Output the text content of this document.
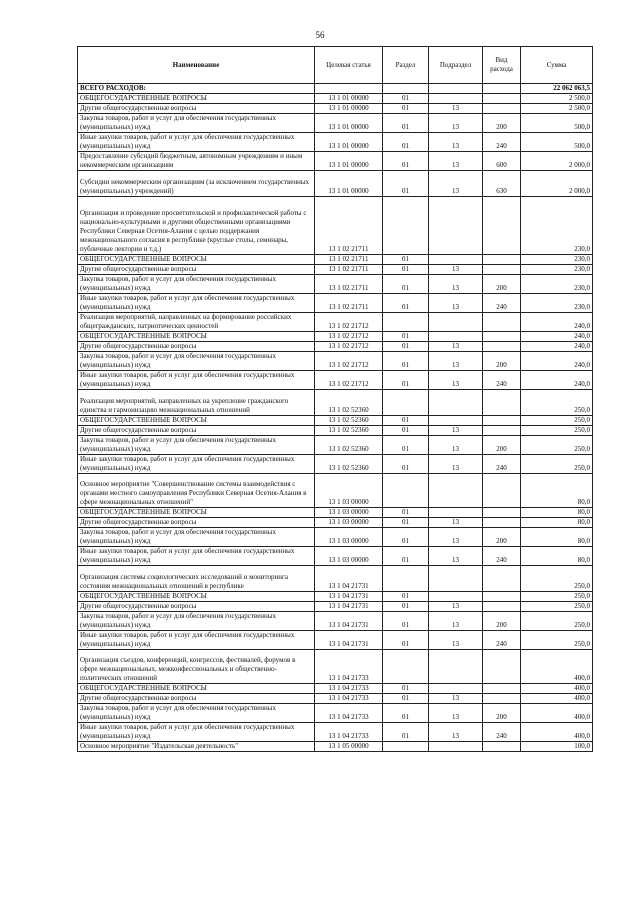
56
Наименование	Целевая статья	Раздел	Подраздел	Вид расхода	Сумма
ВСЕГО РАСХОДОВ:					22 062 063,5
ОБЩЕГОСУДАРСТВЕННЫЕ ВОПРОСЫ	13 1 01 00000	01			2 500,0
Другие общегосударственные вопросы	13 1 01 00000	01	13		2 500,0
Закупка товаров, работ и услуг для обеспечения государственных (муниципальных) нужд	13 1 01 00000	01	13	200	500,0
Иные закупки товаров, работ и услуг для обеспечения государственных (муниципальных) нужд	13 1 01 00000	01	13	240	500,0
Предоставление субсидий бюджетным, автономным учреждениям и иным некоммерческим организациям	13 1 01 00000	01	13	600	2 000,0
Субсидии некоммерческим организациям (за исключением государственных (муниципальных) учреждений)	13 1 01 00000	01	13	630	2 000,0
Организация и проведение просветительской и профилактической работы с национально-культурными и другими общественными организациями Республики Северная Осетия-Алания с целью поддержания межнационального согласия в республике (круглые столы, семинары, публичные лектории и т.д.)	13 1 02 21711				230,0
ОБЩЕГОСУДАРСТВЕННЫЕ ВОПРОСЫ	13 1 02 21711	01			230,0
Другие общегосударственные вопросы	13 1 02 21711	01	13		230,0
Закупка товаров, работ и услуг для обеспечения государственных (муниципальных) нужд	13 1 02 21711	01	13	200	230,0
Иные закупки товаров, работ и услуг для обеспечения государственных (муниципальных) нужд	13 1 02 21711	01	13	240	230,0
Реализация мероприятий, направленных на формирование российских общегражданских, патриотических ценностей	13 1 02 21712				240,0
ОБЩЕГОСУДАРСТВЕННЫЕ ВОПРОСЫ	13 1 02 21712	01			240,0
Другие общегосударственные вопросы	13 1 02 21712	01	13		240,0
Закупка товаров, работ и услуг для обеспечения государственных (муниципальных) нужд	13 1 02 21712	01	13	200	240,0
Иные закупки товаров, работ и услуг для обеспечения государственных (муниципальных) нужд	13 1 02 21712	01	13	240	240,0
Реализация мероприятий, направленных на укрепление гражданского единства и гармонизацию межнациональных отношений	13 1 02 52360				250,0
ОБЩЕГОСУДАРСТВЕННЫЕ ВОПРОСЫ	13 1 02 52360	01			250,0
Другие общегосударственные вопросы	13 1 02 52360	01	13		250,0
Закупка товаров, работ и услуг для обеспечения государственных (муниципальных) нужд	13 1 02 52360	01	13	200	250,0
Иные закупки товаров, работ и услуг для обеспечения государственных (муниципальных) нужд	13 1 02 52360	01	13	240	250,0
Основное мероприятие "Совершенствование системы взаимодействия с органами местного самоуправления Республики Северная Осетия-Алания в сфере межнациональных отношений"	13 1 03 00000				80,0
ОБЩЕГОСУДАРСТВЕННЫЕ ВОПРОСЫ	13 1 03 00000	01			80,0
Другие общегосударственные вопросы	13 1 03 00000	01	13		80,0
Закупка товаров, работ и услуг для обеспечения государственных (муниципальных) нужд	13 1 03 00000	01	13	200	80,0
Иные закупки товаров, работ и услуг для обеспечения государственных (муниципальных) нужд	13 1 03 00000	01	13	240	80,0
Организация системы социологических исследований и мониторинга состояния межнациональных отношений в республике	13 1 04 21731				250,0
ОБЩЕГОСУДАРСТВЕННЫЕ ВОПРОСЫ	13 1 04 21731	01			250,0
Другие общегосударственные вопросы	13 1 04 21731	01	13		250,0
Закупка товаров, работ и услуг для обеспечения государственных (муниципальных) нужд	13 1 04 21731	01	13	200	250,0
Иные закупки товаров, работ и услуг для обеспечения государственных (муниципальных) нужд	13 1 04 21731	01	13	240	250,0
Организация съездов, конференций, конгрессов, фестивалей, форумов в сфере межнациональных, межконфессиональных и общественно-политических отношений	13 1 04 21733				400,0
ОБЩЕГОСУДАРСТВЕННЫЕ ВОПРОСЫ	13 1 04 21733	01			400,0
Другие общегосударственные вопросы	13 1 04 21733	01	13		400,0
Закупка товаров, работ и услуг для обеспечения государственных (муниципальных) нужд	13 1 04 21733	01	13	200	400,0
Иные закупки товаров, работ и услуг для обеспечения государственных (муниципальных) нужд	13 1 04 21733	01	13	240	400,0
Основное мероприятие "Издательская деятельность"	13 1 05 00000				100,0
